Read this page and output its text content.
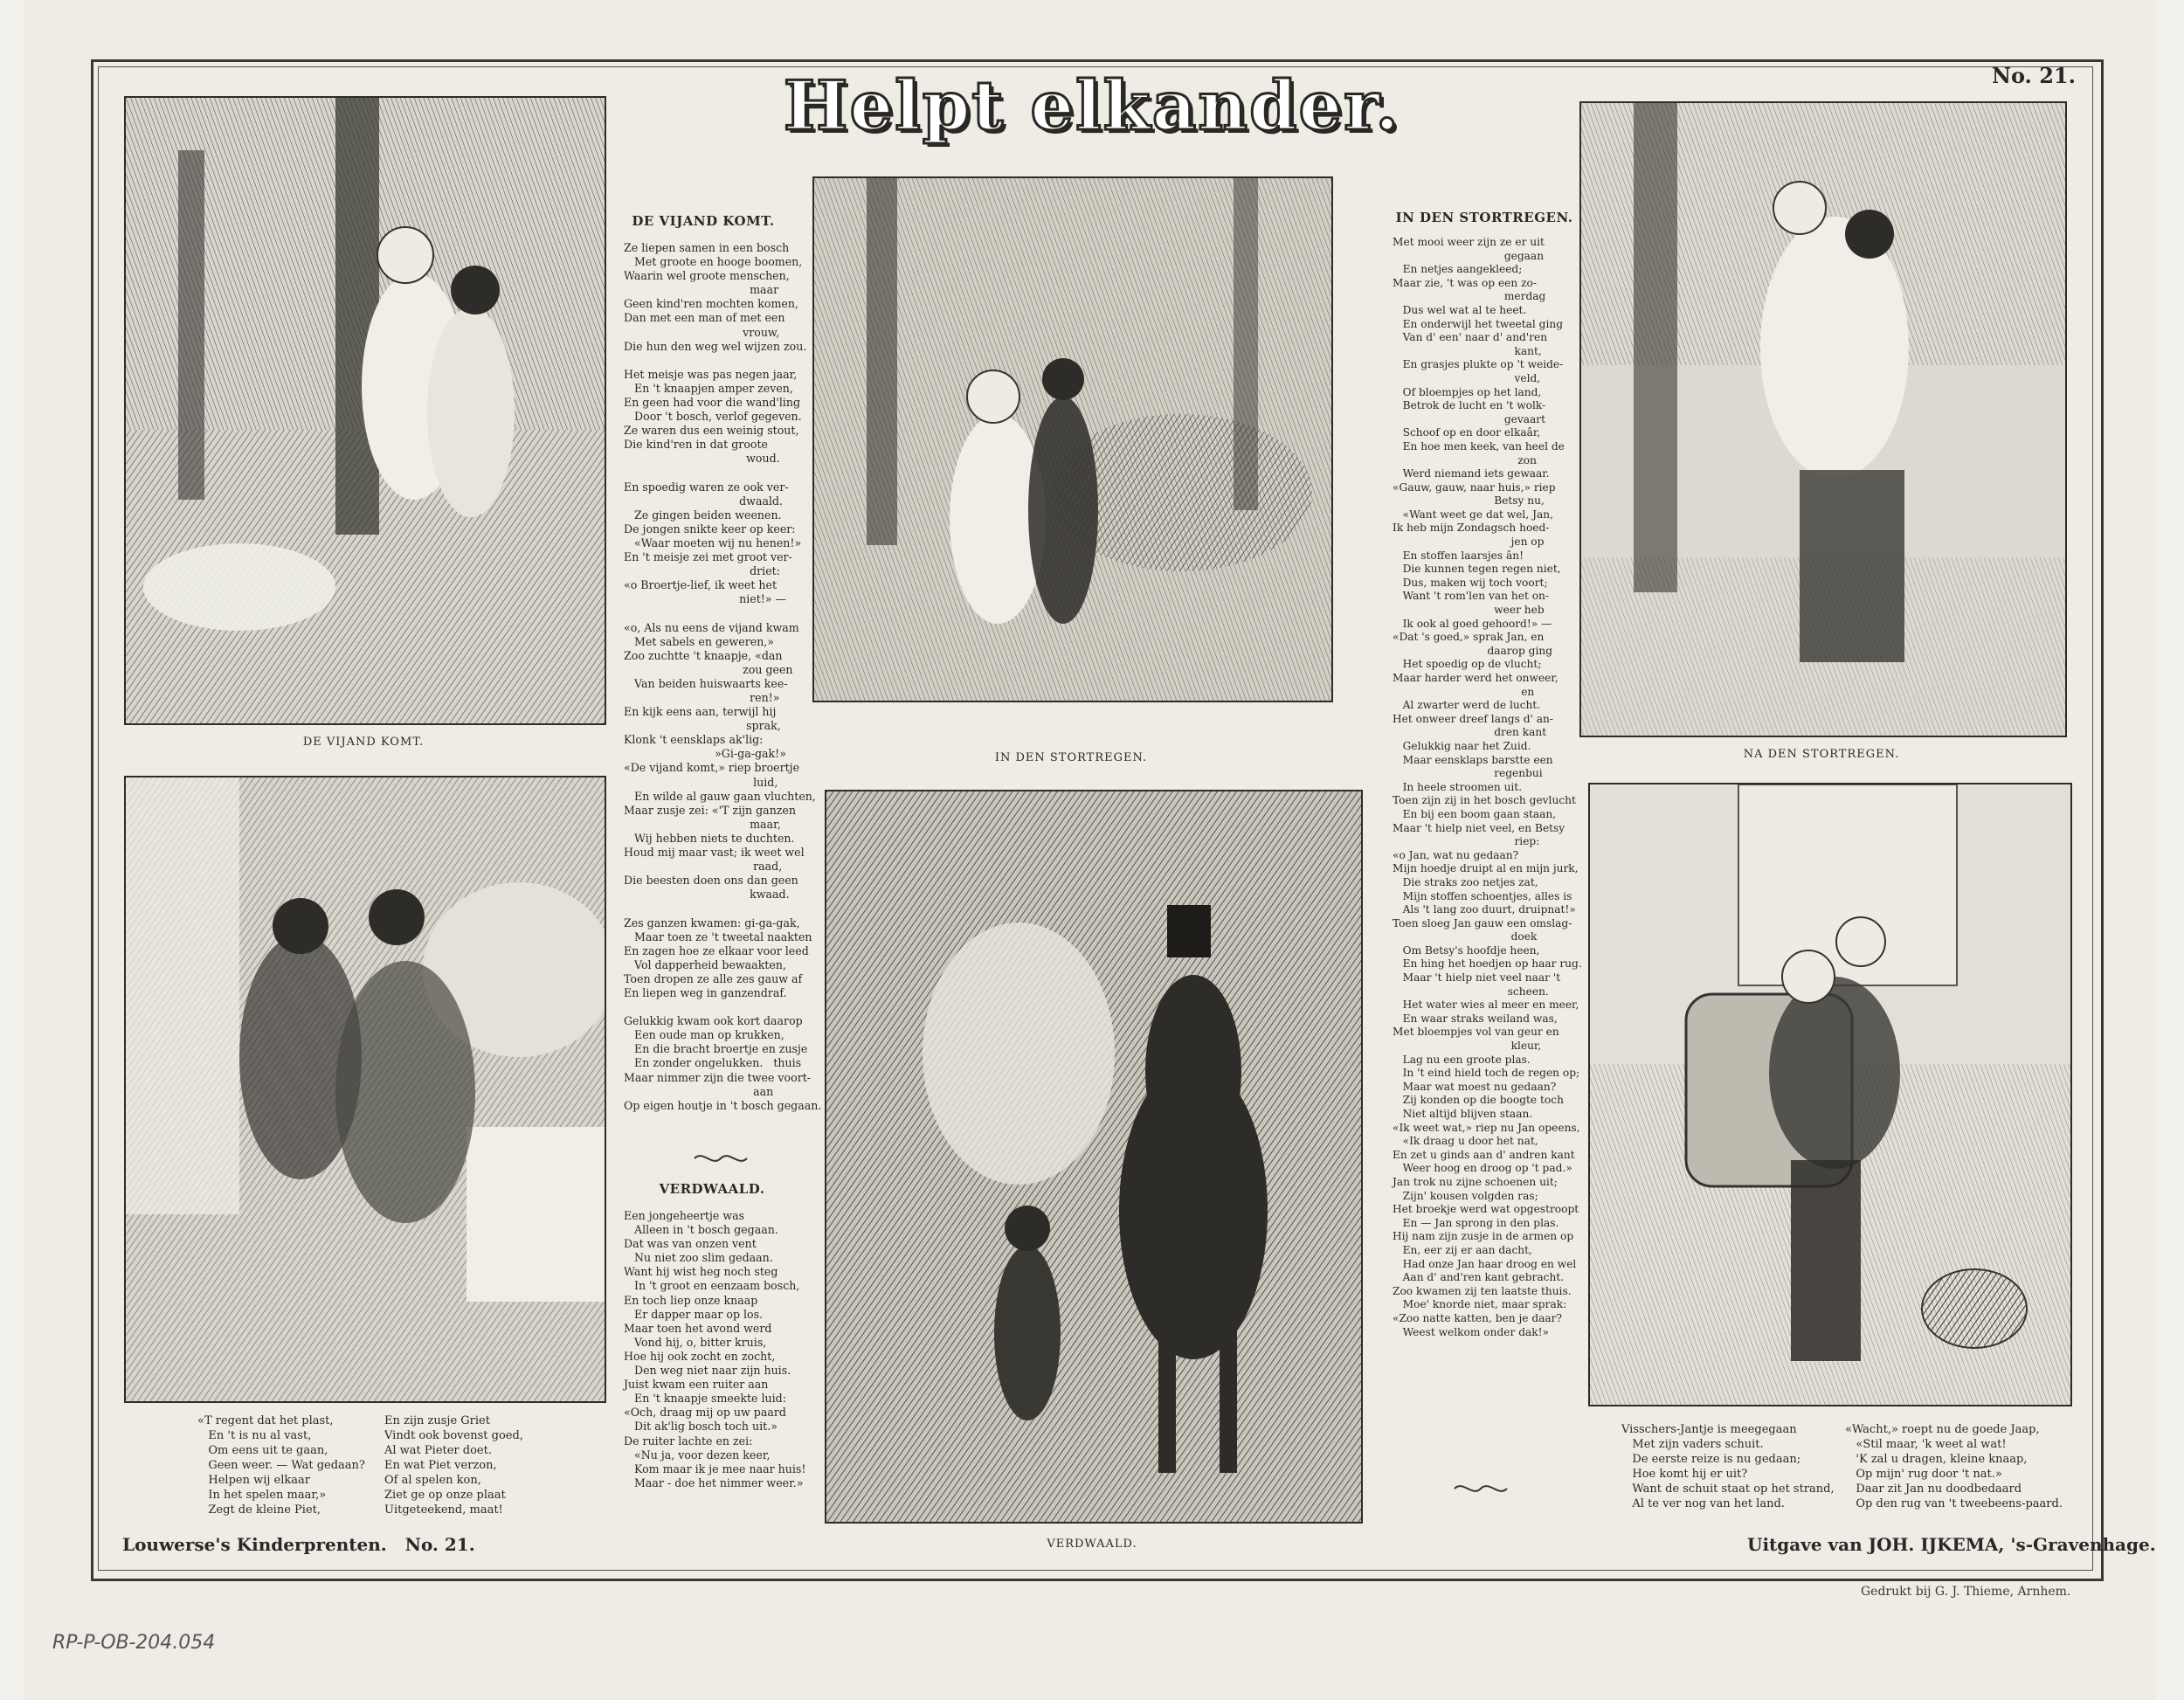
Helpt elkander.	No. 21.
DE VIJAND KOMT.
IN DEN STORTREGEN.	NA DEN STORTREGEN.
VERDWAALD.
DE VIJAND KOMT.
Ze liepen samen in een bosch
Met groote en hooge boomen,
Waarin wel groote menschen,
maar
Geen kind'ren mochten komen,
Dan met een man of met een
vrouw,
Die hun den weg wel wijzen zou.

Het meisje was pas negen jaar,
En 't knaapjen amper zeven,
En geen had voor die wand'ling
Door 't bosch, verlof gegeven.
Ze waren dus een weinig stout,
Die kind'ren in dat groote
woud.

En spoedig waren ze ook ver-
dwaald.
Ze gingen beiden weenen.
De jongen snikte keer op keer:
«Waar moeten wij nu henen!»
En 't meisje zei met groot ver-
driet:
«o Broertje-lief, ik weet het
niet!» —

«o, Als nu eens de vijand kwam
Met sabels en geweren,»
Zoo zuchtte 't knaapje, «dan
zou geen
Van beiden huiswaarts kee-
ren!»
En kijk eens aan, terwijl hij
sprak,
Klonk 't eensklaps ak'lig:
»Gi-ga-gak!»
«De vijand komt,» riep broertje
luid,
En wilde al gauw gaan vluchten,
Maar zusje zei: «'T zijn ganzen
maar,
Wij hebben niets te duchten.
Houd mij maar vast; ik weet wel
raad,
Die beesten doen ons dan geen
kwaad.

Zes ganzen kwamen: gi-ga-gak,
Maar toen ze 't tweetal naakten
En zagen hoe ze elkaar voor leed
Vol dapperheid bewaakten,
Toen dropen ze alle zes gauw af
En liepen weg in ganzendraf.

Gelukkig kwam ook kort daarop
Een oude man op krukken,
En die bracht broertje en zusje
En zonder ongelukken.   thuis
Maar nimmer zijn die twee voort-
aan
Op eigen houtje in 't bosch gegaan.
VERDWAALD.
Een jongeheertje was
Alleen in 't bosch gegaan.
Dat was van onzen vent
Nu niet zoo slim gedaan.
Want hij wist heg noch steg
In 't groot en eenzaam bosch,
En toch liep onze knaap
Er dapper maar op los.
Maar toen het avond werd
Vond hij, o, bitter kruis,
Hoe hij ook zocht en zocht,
Den weg niet naar zijn huis.
Juist kwam een ruiter aan
En 't knaapje smeekte luid:
«Och, draag mij op uw paard
Dit ak'lig bosch toch uit.»
De ruiter lachte en zei:
«Nu ja, voor dezen keer,
Kom maar ik je mee naar huis!
Maar - doe het nimmer weer.»
IN DEN STORTREGEN.
Met mooi weer zijn ze er uit
gegaan
En netjes aangekleed;
Maar zie, 't was op een zo-
merdag
Dus wel wat al te heet.
En onderwijl het tweetal ging
Van d' een' naar d' and'ren
kant,
En grasjes plukte op 't weide-
veld,
Of bloempjes op het land,
Betrok de lucht en 't wolk-
gevaart
Schoof op en door elkaâr,
En hoe men keek, van heel de
zon
Werd niemand iets gewaar.
«Gauw, gauw, naar huis,» riep
Betsy nu,
«Want weet ge dat wel, Jan,
Ik heb mijn Zondagsch hoed-
jen op
En stoffen laarsjes ân!
Die kunnen tegen regen niet,
Dus, maken wij toch voort;
Want 't rom'len van het on-
weer heb
Ik ook al goed gehoord!» —
«Dat 's goed,» sprak Jan, en
daarop ging
Het spoedig op de vlucht;
Maar harder werd het onweer,
en
Al zwarter werd de lucht.
Het onweer dreef langs d' an-
dren kant
Gelukkig naar het Zuid.
Maar eensklaps barstte een
regenbui
In heele stroomen uit.
Toen zijn zij in het bosch gevlucht
En bij een boom gaan staan,
Maar 't hielp niet veel, en Betsy
riep:
«o Jan, wat nu gedaan?
Mijn hoedje druipt al en mijn jurk,
Die straks zoo netjes zat,
Mijn stoffen schoentjes, alles is
Als 't lang zoo duurt, druipnat!»
Toen sloeg Jan gauw een omslag-
doek
Om Betsy's hoofdje heen,
En hing het hoedjen op haar rug.
Maar 't hielp niet veel naar 't
scheen.
Het water wies al meer en meer,
En waar straks weiland was,
Met bloempjes vol van geur en
kleur,
Lag nu een groote plas.
In 't eind hield toch de regen op;
Maar wat moest nu gedaan?
Zij konden op die boogte toch
Niet altijd blijven staan.
«Ik weet wat,» riep nu Jan opeens,
«Ik draag u door het nat,
En zet u ginds aan d' andren kant
Weer hoog en droog op 't pad.»
Jan trok nu zijne schoenen uit;
Zijn' kousen volgden ras;
Het broekje werd wat opgestroopt
En — Jan sprong in den plas.
Hij nam zijn zusje in de armen op
En, eer zij er aan dacht,
Had onze Jan haar droog en wel
Aan d' and'ren kant gebracht.
Zoo kwamen zij ten laatste thuis.
Moe' knorde niet, maar sprak:
«Zoo natte katten, ben je daar?
Weest welkom onder dak!»
«T regent dat het plast,
En 't is nu al vast,
Om eens uit te gaan,
Geen weer. — Wat gedaan?
Helpen wij elkaar
In het spelen maar,»
Zegt de kleine Piet,
En zijn zusje Griet
Vindt ook bovenst goed,
Al wat Pieter doet.
En wat Piet verzon,
Of al spelen kon,
Ziet ge op onze plaat
Uitgeteekend, maat!
Visschers-Jantje is meegegaan
Met zijn vaders schuit.
De eerste reize is nu gedaan;
Hoe komt hij er uit?
Want de schuit staat op het strand,
Al te ver nog van het land.
«Wacht,» roept nu de goede Jaap,
«Stil maar, 'k weet al wat!
'K zal u dragen, kleine knaap,
Op mijn' rug door 't nat.»
Daar zit Jan nu doodbedaard
Op den rug van 't tweebeens-paard.
Louwerse's Kinderprenten.   No. 21.	Uitgave van JOH. IJKEMA, 's-Gravenhage.
Gedrukt bij G. J. Thieme, Arnhem.
RP-P-OB-204.054
